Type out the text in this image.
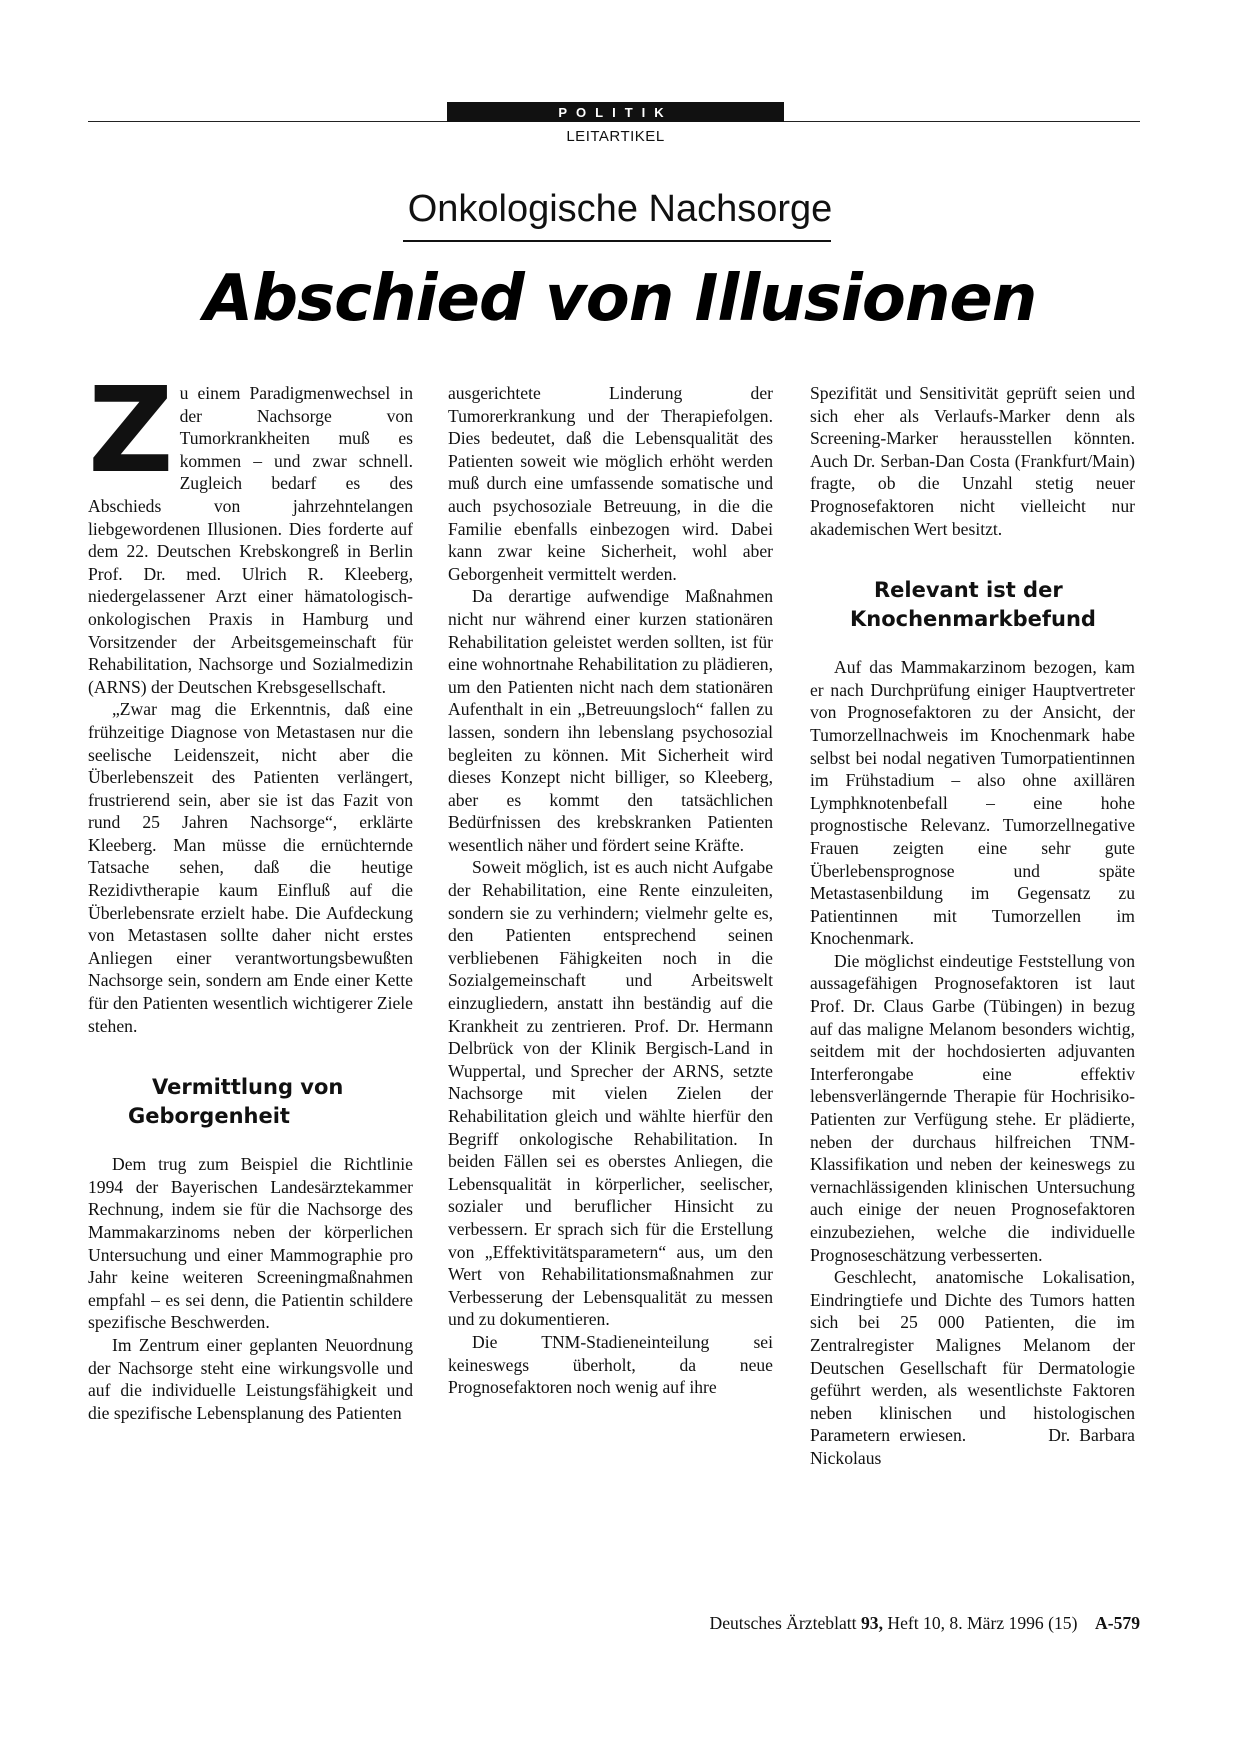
POLITIK
LEITARTIKEL
Onkologische Nachsorge
Abschied von Illusionen

Zu einem Paradigmenwechsel in der Nachsorge von Tumorkrankheiten muß es kommen – und zwar schnell. Zugleich bedarf es des Abschieds von jahrzehntelangen liebgewordenen Illusionen. Dies forderte auf dem 22. Deutschen Krebskongreß in Berlin Prof. Dr. med. Ulrich R. Kleeberg, niedergelassener Arzt einer hämatologisch-onkologischen Praxis in Hamburg und Vorsitzender der Arbeitsgemeinschaft für Rehabilitation, Nachsorge und Sozialmedizin (ARNS) der Deutschen Krebsgesellschaft.

„Zwar mag die Erkenntnis, daß eine frühzeitige Diagnose von Metastasen nur die seelische Leidenszeit, nicht aber die Überlebenszeit des Patienten verlängert, frustrierend sein, aber sie ist das Fazit von rund 25 Jahren Nachsorge“, erklärte Kleeberg. Man müsse die ernüchternde Tatsache sehen, daß die heutige Rezidivtherapie kaum Einfluß auf die Überlebensrate erzielt habe. Die Aufdeckung von Metastasen sollte daher nicht erstes Anliegen einer verantwortungsbewußten Nachsorge sein, sondern am Ende einer Kette für den Patienten wesentlich wichtigerer Ziele stehen.

Vermittlung von Geborgenheit

Dem trug zum Beispiel die Richtlinie 1994 der Bayerischen Landesärztekammer Rechnung, indem sie für die Nachsorge des Mammakarzinoms neben der körperlichen Untersuchung und einer Mammographie pro Jahr keine weiteren Screeningmaßnahmen empfahl – es sei denn, die Patientin schildere spezifische Beschwerden.

Im Zentrum einer geplanten Neuordnung der Nachsorge steht eine wirkungsvolle und auf die individuelle Leistungsfähigkeit und die spezifische Lebensplanung des Patienten

ausgerichtete Linderung der Tumorerkrankung und der Therapiefolgen. Dies bedeutet, daß die Lebensqualität des Patienten soweit wie möglich erhöht werden muß durch eine umfassende somatische und auch psychosoziale Betreuung, in die die Familie ebenfalls einbezogen wird. Dabei kann zwar keine Sicherheit, wohl aber Geborgenheit vermittelt werden.

Da derartige aufwendige Maßnahmen nicht nur während einer kurzen stationären Rehabilitation geleistet werden sollten, ist für eine wohnortnahe Rehabilitation zu plädieren, um den Patienten nicht nach dem stationären Aufenthalt in ein „Betreuungsloch“ fallen zu lassen, sondern ihn lebenslang psychosozial begleiten zu können. Mit Sicherheit wird dieses Konzept nicht billiger, so Kleeberg, aber es kommt den tatsächlichen Bedürfnissen des krebskranken Patienten wesentlich näher und fördert seine Kräfte.

Soweit möglich, ist es auch nicht Aufgabe der Rehabilitation, eine Rente einzuleiten, sondern sie zu verhindern; vielmehr gelte es, den Patienten entsprechend seinen verbliebenen Fähigkeiten noch in die Sozialgemeinschaft und Arbeitswelt einzugliedern, anstatt ihn beständig auf die Krankheit zu zentrieren. Prof. Dr. Hermann Delbrück von der Klinik Bergisch-Land in Wuppertal, und Sprecher der ARNS, setzte Nachsorge mit vielen Zielen der Rehabilitation gleich und wählte hierfür den Begriff onkologische Rehabilitation. In beiden Fällen sei es oberstes Anliegen, die Lebensqualität in körperlicher, seelischer, sozialer und beruflicher Hinsicht zu verbessern. Er sprach sich für die Erstellung von „Effektivitätsparametern“ aus, um den Wert von Rehabilitationsmaßnahmen zur Verbesserung der Lebensqualität zu messen und zu dokumentieren.

Die TNM-Stadieneinteilung sei keineswegs überholt, da neue Prognosefaktoren noch wenig auf ihre

Spezifität und Sensitivität geprüft seien und sich eher als Verlaufs-Marker denn als Screening-Marker herausstellen könnten. Auch Dr. Serban-Dan Costa (Frankfurt/Main) fragte, ob die Unzahl stetig neuer Prognosefaktoren nicht vielleicht nur akademischen Wert besitzt.

Relevant ist der Knochenmarkbefund

Auf das Mammakarzinom bezogen, kam er nach Durchprüfung einiger Hauptvertreter von Prognosefaktoren zu der Ansicht, der Tumorzellnachweis im Knochenmark habe selbst bei nodal negativen Tumorpatientinnen im Frühstadium – also ohne axillären Lymphknotenbefall – eine hohe prognostische Relevanz. Tumorzellnegative Frauen zeigten eine sehr gute Überlebensprognose und späte Metastasenbildung im Gegensatz zu Patientinnen mit Tumorzellen im Knochenmark.

Die möglichst eindeutige Feststellung von aussagefähigen Prognosefaktoren ist laut Prof. Dr. Claus Garbe (Tübingen) in bezug auf das maligne Melanom besonders wichtig, seitdem mit der hochdosierten adjuvanten Interferongabe eine effektiv lebensverlängernde Therapie für Hochrisiko-Patienten zur Verfügung stehe. Er plädierte, neben der durchaus hilfreichen TNM-Klassifikation und neben der keineswegs zu vernachlässigenden klinischen Untersuchung auch einige der neuen Prognosefaktoren einzubeziehen, welche die individuelle Prognoseschätzung verbesserten.

Geschlecht, anatomische Lokalisation, Eindringtiefe und Dichte des Tumors hatten sich bei 25 000 Patienten, die im Zentralregister Malignes Melanom der Deutschen Gesellschaft für Dermatologie geführt werden, als wesentlichste Faktoren neben klinischen und histologischen Parametern erwiesen.	Dr. Barbara Nickolaus

Deutsches Ärzteblatt 93, Heft 10, 8. März 1996 (15) A-579
